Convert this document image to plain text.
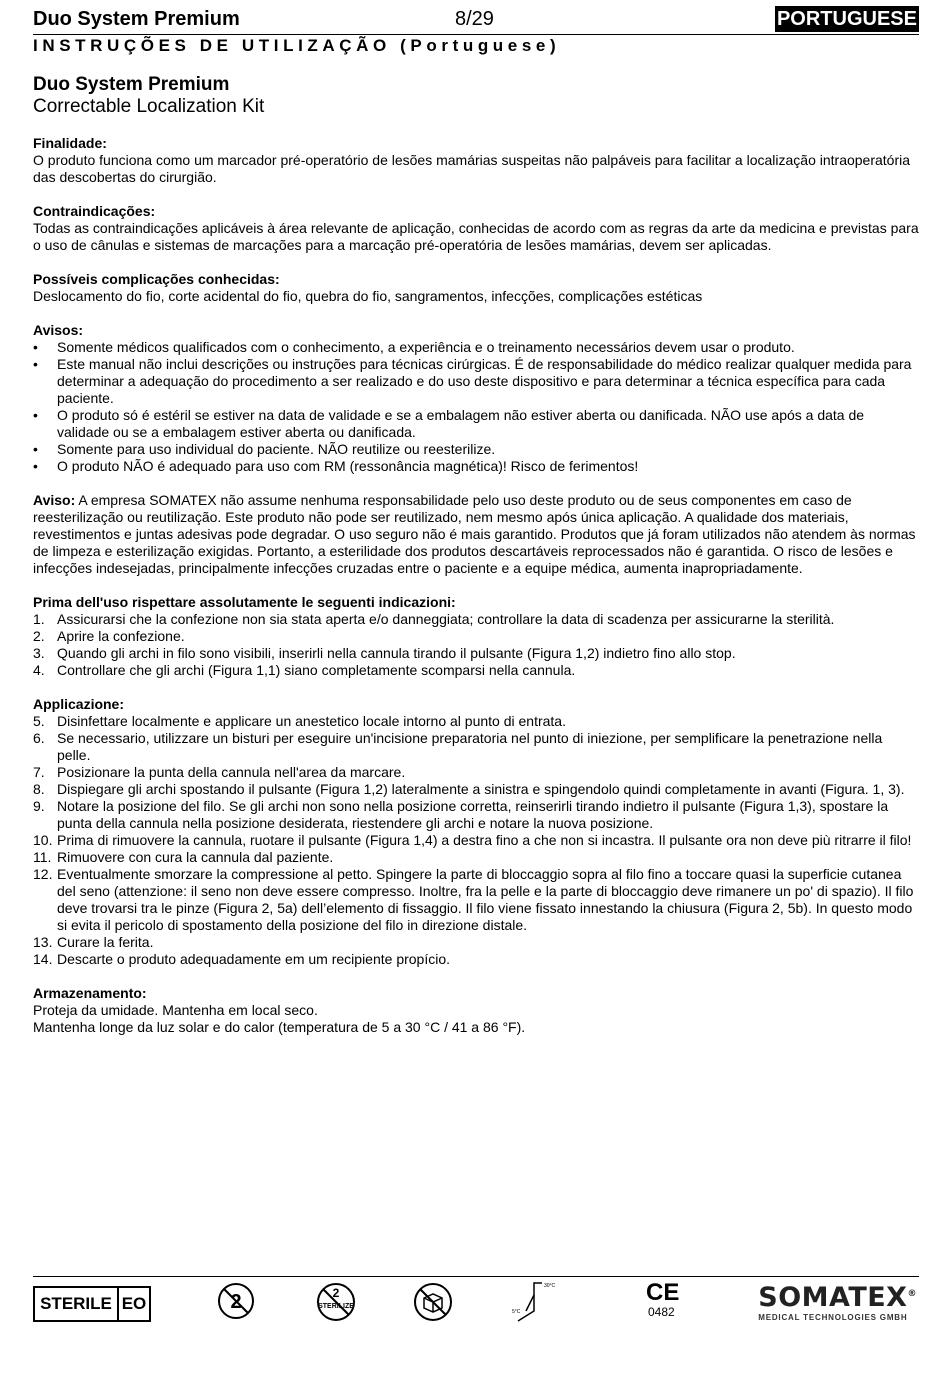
Duo System Premium	8/29	PORTUGUESE
INSTRUÇÕES DE UTILIZAÇÃO (Portuguese)

Duo System Premium

Correctable Localization Kit

Finalidade:

O produto funciona como um marcador pré-operatório de lesões mamárias suspeitas não palpáveis para facilitar a localização intraoperatória das descobertas do cirurgião.

Contraindicações:

Todas as contraindicações aplicáveis à área relevante de aplicação, conhecidas de acordo com as regras da arte da medicina e previstas para o uso de cânulas e sistemas de marcações para a marcação pré-operatória de lesões mamárias, devem ser aplicadas.

Possíveis complicações conhecidas:

Deslocamento do fio, corte acidental do fio, quebra do fio, sangramentos, infecções, complicações estéticas

Avisos:
• Somente médicos qualificados com o conhecimento, a experiência e o treinamento necessários devem usar o produto.
• Este manual não inclui descrições ou instruções para técnicas cirúrgicas. É de responsabilidade do médico realizar qualquer medida para determinar a adequação do procedimento a ser realizado e do uso deste dispositivo e para determinar a técnica específica para cada paciente.
• O produto só é estéril se estiver na data de validade e se a embalagem não estiver aberta ou danificada. NÃO use após a data de validade ou se a embalagem estiver aberta ou danificada.
• Somente para uso individual do paciente. NÃO reutilize ou reesterilize.
• O produto NÃO é adequado para uso com RM (ressonância magnética)! Risco de ferimentos!

Aviso: A empresa SOMATEX não assume nenhuma responsabilidade pelo uso deste produto ou de seus componentes em caso de reesterilização ou reutilização. Este produto não pode ser reutilizado, nem mesmo após única aplicação. A qualidade dos materiais, revestimentos e juntas adesivas pode degradar. O uso seguro não é mais garantido. Produtos que já foram utilizados não atendem às normas de limpeza e esterilização exigidas. Portanto, a esterilidade dos produtos descartáveis reprocessados não é garantida. O risco de lesões e infecções indesejadas, principalmente infecções cruzadas entre o paciente e a equipe médica, aumenta inapropriadamente.

Prima dell'uso rispettare assolutamente le seguenti indicazioni:
1. Assicurarsi che la confezione non sia stata aperta e/o danneggiata; controllare la data di scadenza per assicurarne la sterilità.
2. Aprire la confezione.
3. Quando gli archi in filo sono visibili, inserirli nella cannula tirando il pulsante (Figura 1,2) indietro fino allo stop.
4. Controllare che gli archi (Figura 1,1) siano completamente scomparsi nella cannula.
Applicazione:
5. Disinfettare localmente e applicare un anestetico locale intorno al punto di entrata.
6. Se necessario, utilizzare un bisturi per eseguire un'incisione preparatoria nel punto di iniezione, per semplificare la penetrazione nella pelle.
7. Posizionare la punta della cannula nell'area da marcare.
8. Dispiegare gli archi spostando il pulsante (Figura 1,2) lateralmente a sinistra e spingendolo quindi completamente in avanti (Figura. 1, 3).
9. Notare la posizione del filo. Se gli archi non sono nella posizione corretta, reinserirli tirando indietro il pulsante (Figura 1,3), spostare la punta della cannula nella posizione desiderata, riestendere gli archi e notare la nuova posizione.
10. Prima di rimuovere la cannula, ruotare il pulsante (Figura 1,4) a destra fino a che non si incastra. Il pulsante ora non deve più ritrarre il filo!
11. Rimuovere con cura la cannula dal paziente.
12. Eventualmente smorzare la compressione al petto. Spingere la parte di bloccaggio sopra al filo fino a toccare quasi la superficie cutanea del seno (attenzione: il seno non deve essere compresso. Inoltre, fra la pelle e la parte di bloccaggio deve rimanere un po' di spazio). Il filo deve trovarsi tra le pinze (Figura 2, 5a) dell’elemento di fissaggio. Il filo viene fissato innestando la chiusura (Figura 2, 5b). In questo modo si evita il pericolo di spostamento della posizione del filo in direzione distale.
13. Curare la ferita.
14. Descarte o produto adequadamente em um recipiente propício.
Armazenamento:

Proteja da umidade. Mantenha em local seco.

Mantenha longe da luz solar e do calor (temperatura de 5 a 30 °C / 41 a 86 °F).

STERILE EO	2	2
STERILIZE
30°C
5°C
CE
0482	SOMATEX®
MEDICAL TECHNOLOGIES GMBH
